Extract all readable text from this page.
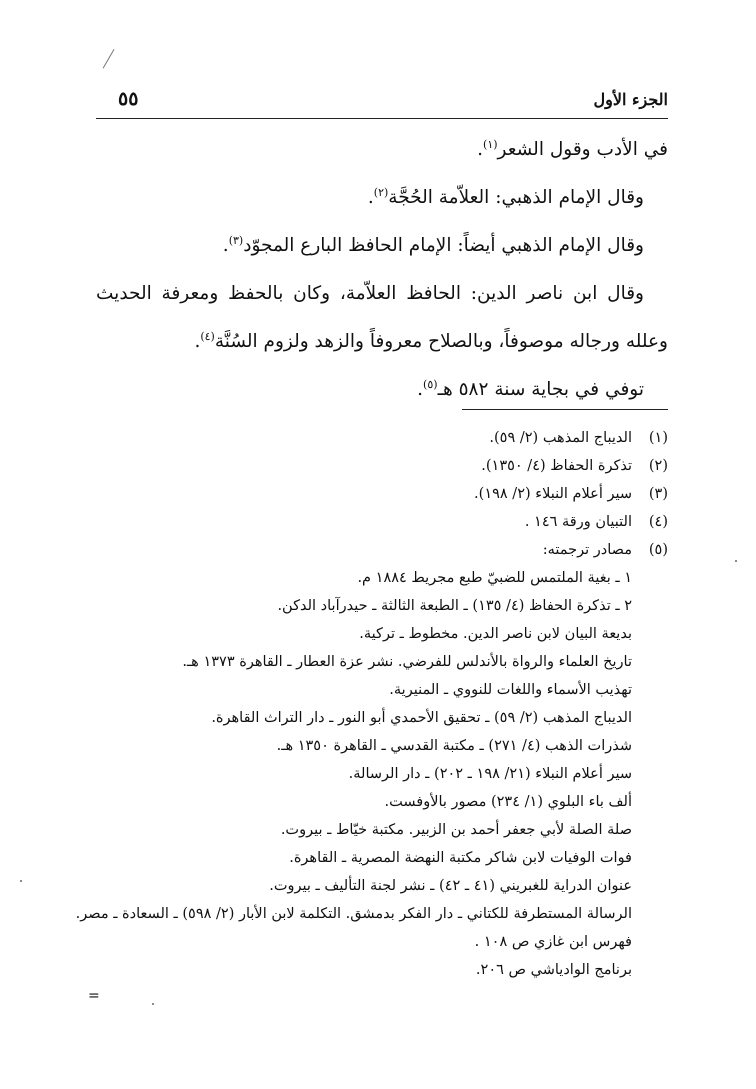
٥٥	الجزء الأول

في الأدب وقول الشعر$^{(١)}$.

وقال الإمام الذهبي: العلاّمة الحُجَّة$^{(٢)}$.

وقال الإمام الذهبي أيضاً: الإمام الحافظ البارع المجوّد$^{(٣)}$.

وقال ابن ناصر الدين: الحافظ العلاّمة، وكان بالحفظ ومعرفة الحديث وعلله ورجاله موصوفاً، وبالصلاح معروفاً والزهد ولزوم السُنَّة$^{(٤)}$.

توفي في بجاية سنة ٥٨٢ هـ$^{(٥)}$.

(١)
الديباج المذهب (٢/ ٥٩).
(٢)
تذكرة الحفاظ (٤/ ١٣٥٠).
(٣)
سير أعلام النبلاء (٢/ ١٩٨).
(٤)
التبيان ورقة ١٤٦ .
(٥)
مصادر ترجمته:
١ ـ بغية الملتمس للضبيّ طبع مجريط ١٨٨٤ م.
٢ ـ تذكرة الحفاظ (٤/ ١٣٥) ـ الطبعة الثالثة ـ حيدرآباد الدكن.
بديعة البيان لابن ناصر الدين. مخطوط ـ تركية.
تاريخ العلماء والرواة بالأندلس للفرضي. نشر عزة العطار ـ القاهرة ١٣٧٣ هـ.
تهذيب الأسماء واللغات للنووي ـ المنيرية.
الديباج المذهب (٢/ ٥٩) ـ تحقيق الأحمدي أبو النور ـ دار التراث القاهرة.
شذرات الذهب (٤/ ٢٧١) ـ مكتبة القدسي ـ القاهرة ١٣٥٠ هـ.
سير أعلام النبلاء (٢١/ ١٩٨ ـ ٢٠٢) ـ دار الرسالة.
ألف باء البلوي (١/ ٢٣٤) مصور بالأوفست.
صلة الصلة لأبي جعفر أحمد بن الزبير. مكتبة خيّاط ـ بيروت.
فوات الوفيات لابن شاكر مكتبة النهضة المصرية ـ القاهرة.
عنوان الدراية للغبريني (٤١ ـ ٤٢) ـ نشر لجنة التأليف ـ بيروت.
الرسالة المستطرفة للكتاني ـ دار الفكر بدمشق. التكلمة لابن الأبار (٢/ ٥٩٨) ـ السعادة ـ مصر.
فهرس ابن غازي ص ١٠٨ .
برنامج الوادياشي ص ٢٠٦.
=
